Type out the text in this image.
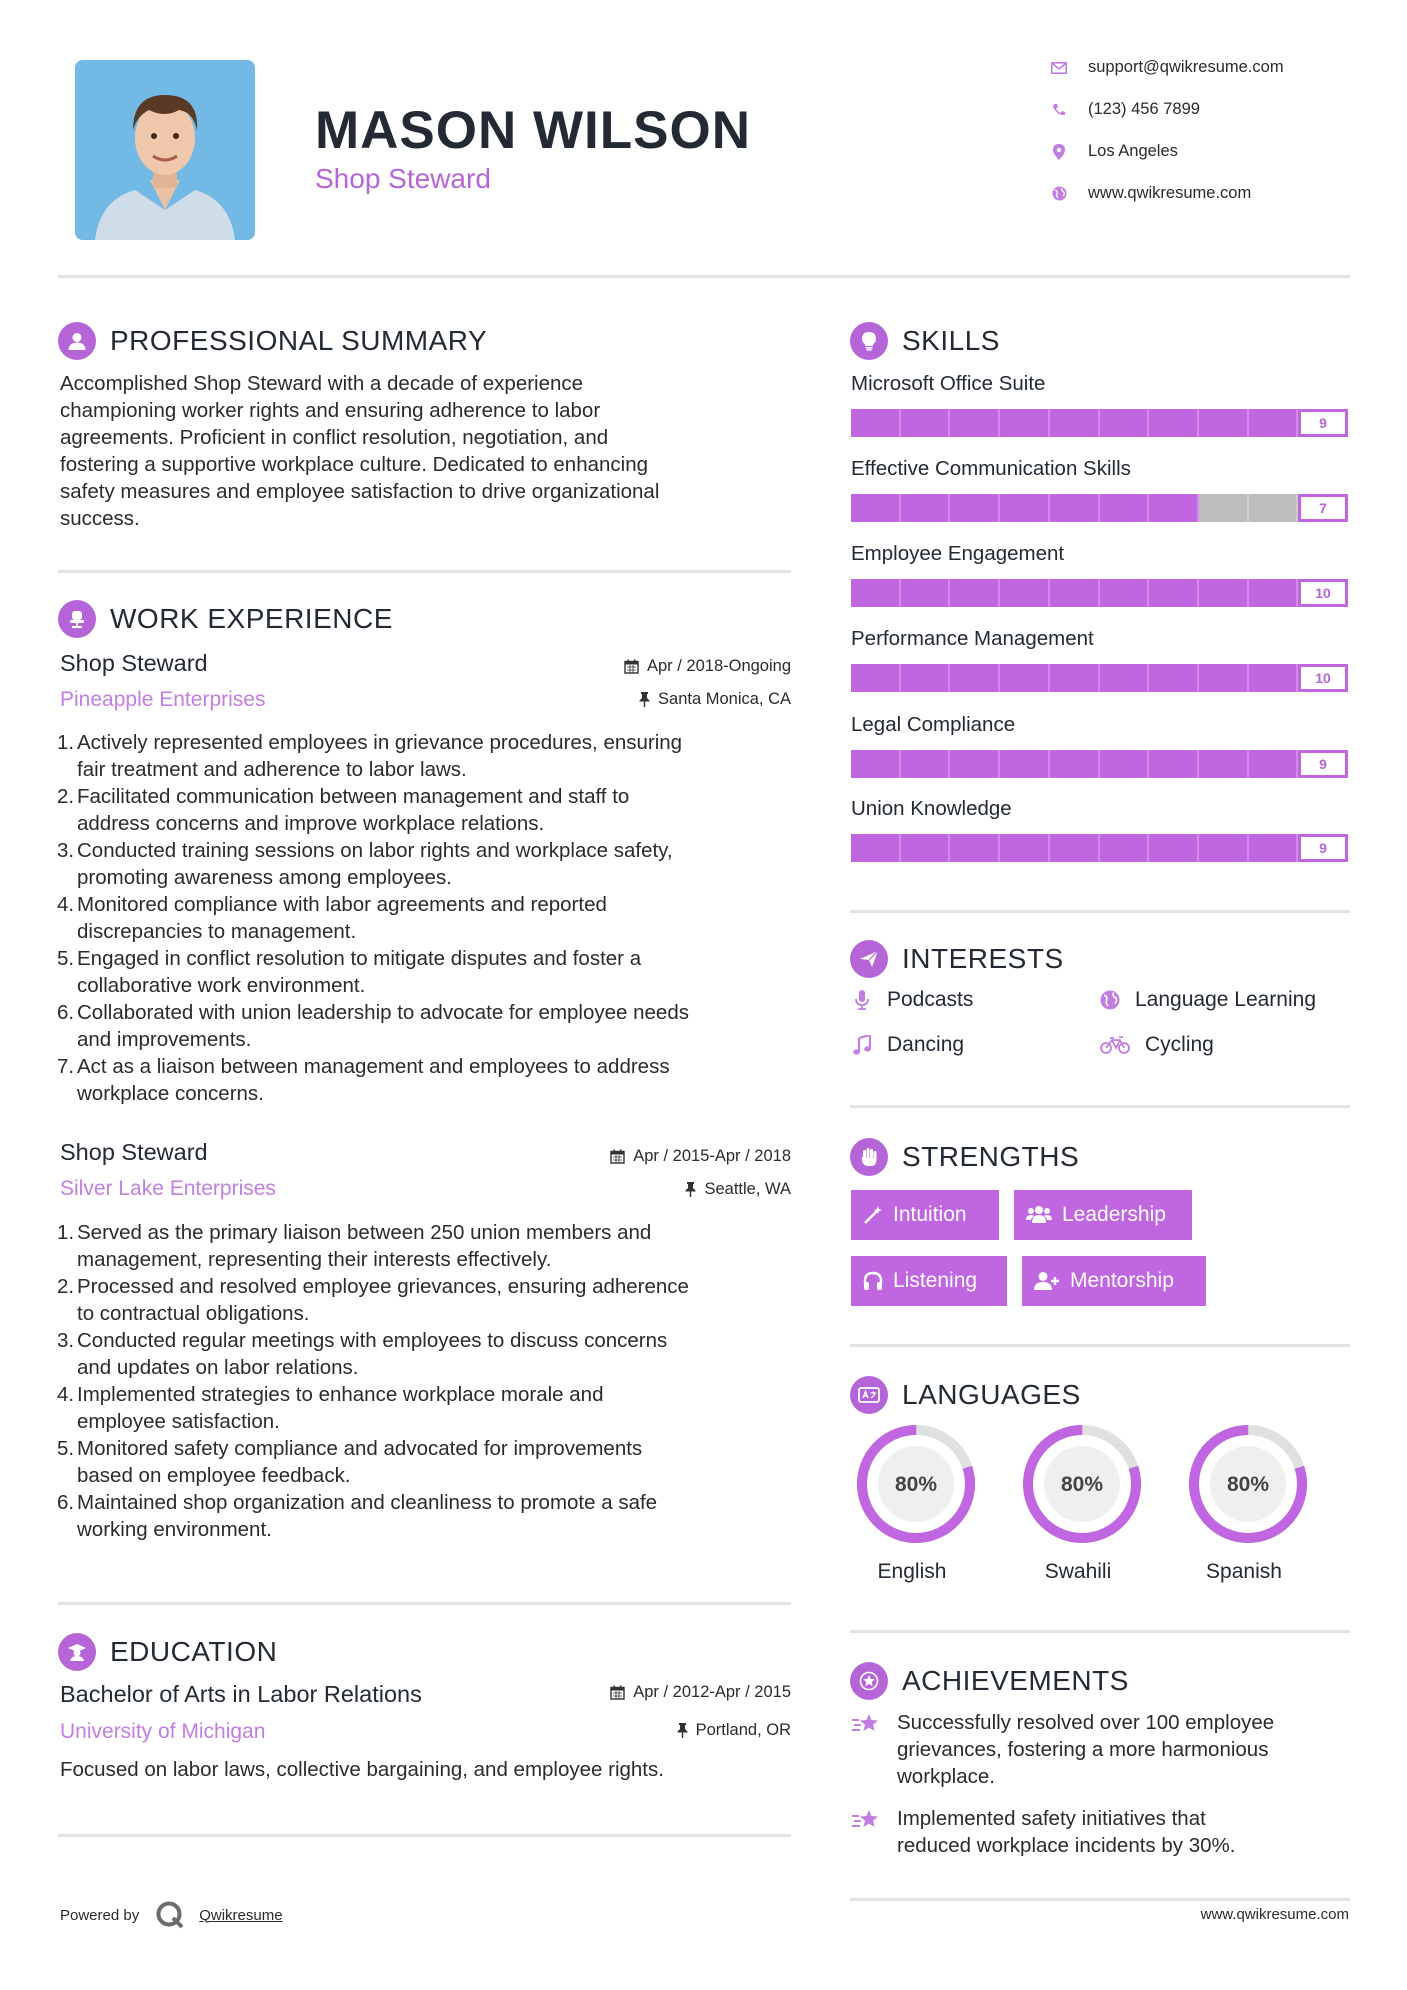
MASON WILSON
Shop Steward
support@qwikresume.com
(123) 456 7899
Los Angeles
www.qwikresume.com
PROFESSIONAL SUMMARY
Accomplished Shop Steward with a decade of experience
championing worker rights and ensuring adherence to labor
agreements. Proficient in conflict resolution, negotiation, and
fostering a supportive workplace culture. Dedicated to enhancing
safety measures and employee satisfaction to drive organizational
success.
WORK EXPERIENCE
Shop Steward
Pineapple Enterprises
Apr / 2018-Ongoing
Santa Monica, CA
1. Actively represented employees in grievance procedures, ensuring
fair treatment and adherence to labor laws.
2. Facilitated communication between management and staff to
address concerns and improve workplace relations.
3. Conducted training sessions on labor rights and workplace safety,
promoting awareness among employees.
4. Monitored compliance with labor agreements and reported
discrepancies to management.
5. Engaged in conflict resolution to mitigate disputes and foster a
collaborative work environment.
6. Collaborated with union leadership to advocate for employee needs
and improvements.
7. Act as a liaison between management and employees to address
workplace concerns.
Shop Steward
Silver Lake Enterprises
Apr / 2015-Apr / 2018
Seattle, WA
1. Served as the primary liaison between 250 union members and
management, representing their interests effectively.
2. Processed and resolved employee grievances, ensuring adherence
to contractual obligations.
3. Conducted regular meetings with employees to discuss concerns
and updates on labor relations.
4. Implemented strategies to enhance workplace morale and
employee satisfaction.
5. Monitored safety compliance and advocated for improvements
based on employee feedback.
6. Maintained shop organization and cleanliness to promote a safe
working environment.
EDUCATION
Bachelor of Arts in Labor Relations
University of Michigan
Apr / 2012-Apr / 2015
Portland, OR
Focused on labor laws, collective bargaining, and employee rights.
SKILLS
Microsoft Office Suite
9
Effective Communication Skills
7
Employee Engagement
10
Performance Management
10
Legal Compliance
9
Union Knowledge
9
INTERESTS
Podcasts	Language Learning
Dancing	Cycling
STRENGTHS
Intuition	Leadership
Listening	Mentorship
LANGUAGES
80%
English
80%
Swahili
80%
Spanish
ACHIEVEMENTS
Successfully resolved over 100 employee
grievances, fostering a more harmonious
workplace.
Implemented safety initiatives that
reduced workplace incidents by 30%.
Powered by	Qwikresume	www.qwikresume.com
